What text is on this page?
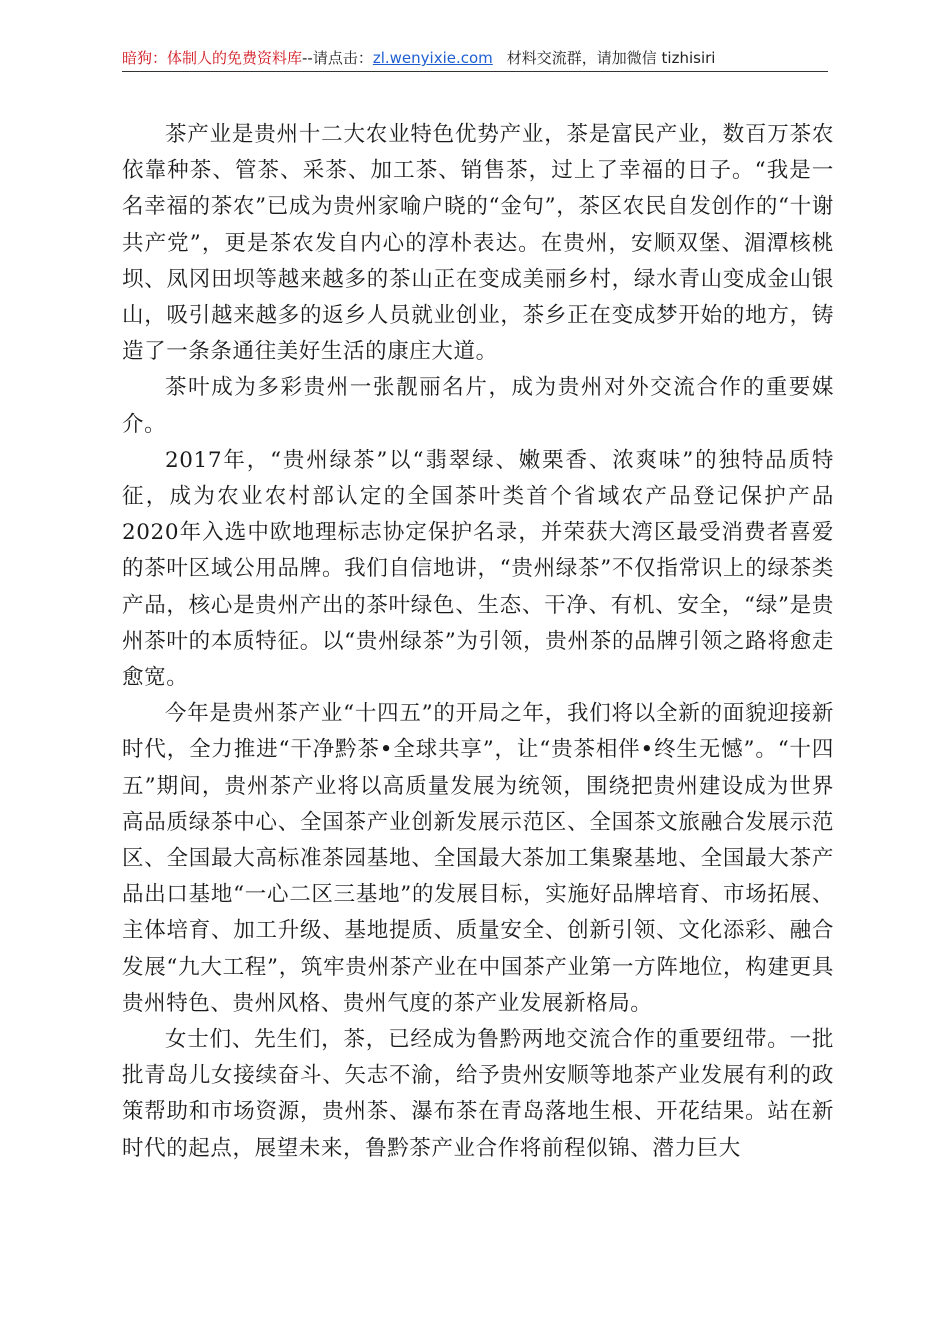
暗狗：体制人的免费资料库--请点击：zl.wenyixie.com 材料交流群，请加微信 tizhisiri

茶产业是贵州十二大农业特色优势产业，茶是富民产业，数百万茶农依靠种茶、管茶、采茶、加工茶、销售茶，过上了幸福的日子。“我是一名幸福的茶农”已成为贵州家喻户晓的“金句”，茶区农民自发创作的“十谢共产党”，更是茶农发自内心的淳朴表达。在贵州，安顺双堡、湄潭核桃坝、凤冈田坝等越来越多的茶山正在变成美丽乡村，绿水青山变成金山银山，吸引越来越多的返乡人员就业创业，茶乡正在变成梦开始的地方，铸造了一条条通往美好生活的康庄大道。

茶叶成为多彩贵州一张靓丽名片，成为贵州对外交流合作的重要媒介。

2017年，“贵州绿茶”以“翡翠绿、嫩栗香、浓爽味”的独特品质特征，成为农业农村部认定的全国茶叶类首个省域农产品登记保护产品2020年入选中欧地理标志协定保护名录，并荣获大湾区最受消费者喜爱的茶叶区域公用品牌。我们自信地讲，“贵州绿茶”不仅指常识上的绿茶类产品，核心是贵州产出的茶叶绿色、生态、干净、有机、安全，“绿”是贵州茶叶的本质特征。以“贵州绿茶”为引领，贵州茶的品牌引领之路将愈走愈宽。

今年是贵州茶产业“十四五”的开局之年，我们将以全新的面貌迎接新时代，全力推进“干净黔茶•全球共享”，让“贵茶相伴•终生无憾”。“十四五”期间，贵州茶产业将以高质量发展为统领，围绕把贵州建设成为世界高品质绿茶中心、全国茶产业创新发展示范区、全国茶文旅融合发展示范区、全国最大高标准茶园基地、全国最大茶加工集聚基地、全国最大茶产品出口基地“一心二区三基地”的发展目标，实施好品牌培育、市场拓展、主体培育、加工升级、基地提质、质量安全、创新引领、文化添彩、融合发展“九大工程”，筑牢贵州茶产业在中国茶产业第一方阵地位，构建更具贵州特色、贵州风格、贵州气度的茶产业发展新格局。

女士们、先生们，茶，已经成为鲁黔两地交流合作的重要纽带。一批批青岛儿女接续奋斗、矢志不渝，给予贵州安顺等地茶产业发展有利的政策帮助和市场资源，贵州茶、瀑布茶在青岛落地生根、开花结果。站在新时代的起点，展望未来，鲁黔茶产业合作将前程似锦、潜力巨大
